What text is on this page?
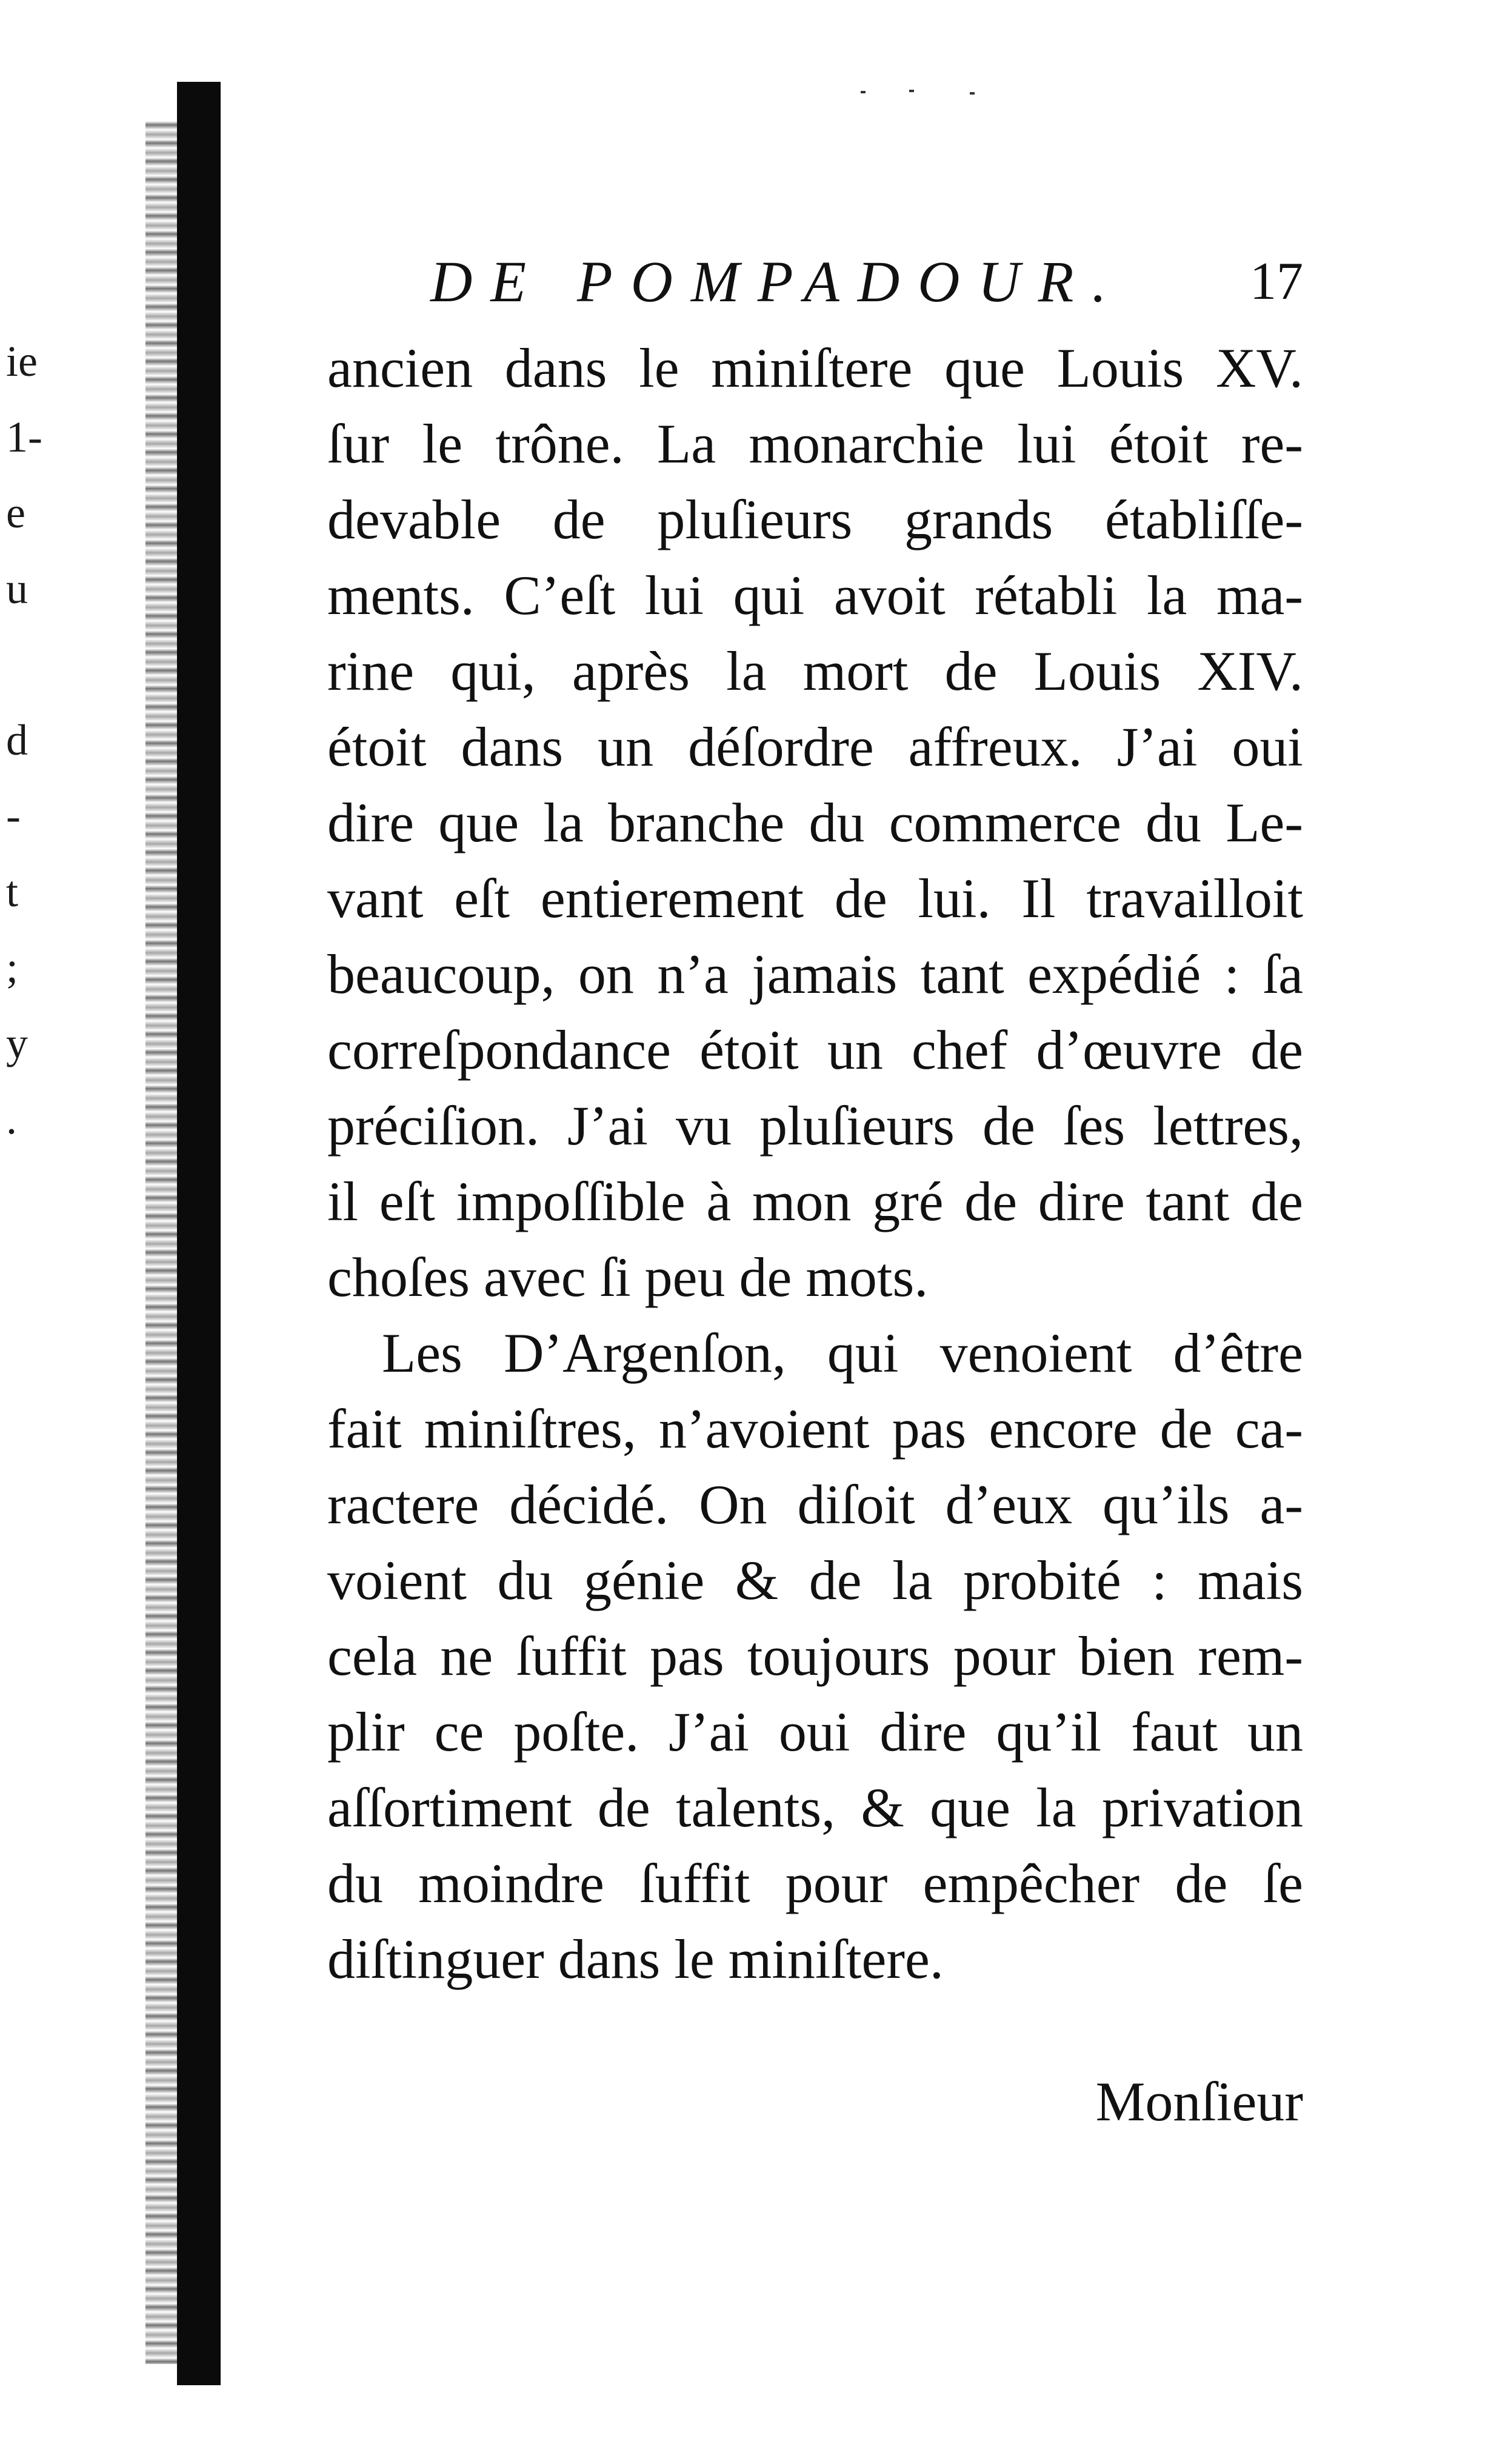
ie
1-
e
u
d
-
t
;
y
.
DE POMPADOUR. 17
ancien dans le miniſtere que Louis XV.
ſur le trône. La monarchie lui étoit re-
devable de pluſieurs grands établiſſe-
ments. C’eſt lui qui avoit rétabli la ma-
rine qui, après la mort de Louis XIV.
étoit dans un déſordre affreux. J’ai oui
dire que la branche du commerce du Le-
vant eſt entierement de lui. Il travailloit
beaucoup, on n’a jamais tant expédié : ſa
correſpondance étoit un chef d’œuvre de
préciſion. J’ai vu pluſieurs de ſes lettres,
il eſt impoſſible à mon gré de dire tant de
choſes avec ſi peu de mots.
Les D’Argenſon, qui venoient d’être
fait miniſtres, n’avoient pas encore de ca-
ractere décidé. On diſoit d’eux qu’ils a-
voient du génie & de la probité : mais
cela ne ſuffit pas toujours pour bien rem-
plir ce poſte. J’ai oui dire qu’il faut un
aſſortiment de talents, & que la privation
du moindre ſuffit pour empêcher de ſe
diſtinguer dans le miniſtere.
Monſieur
